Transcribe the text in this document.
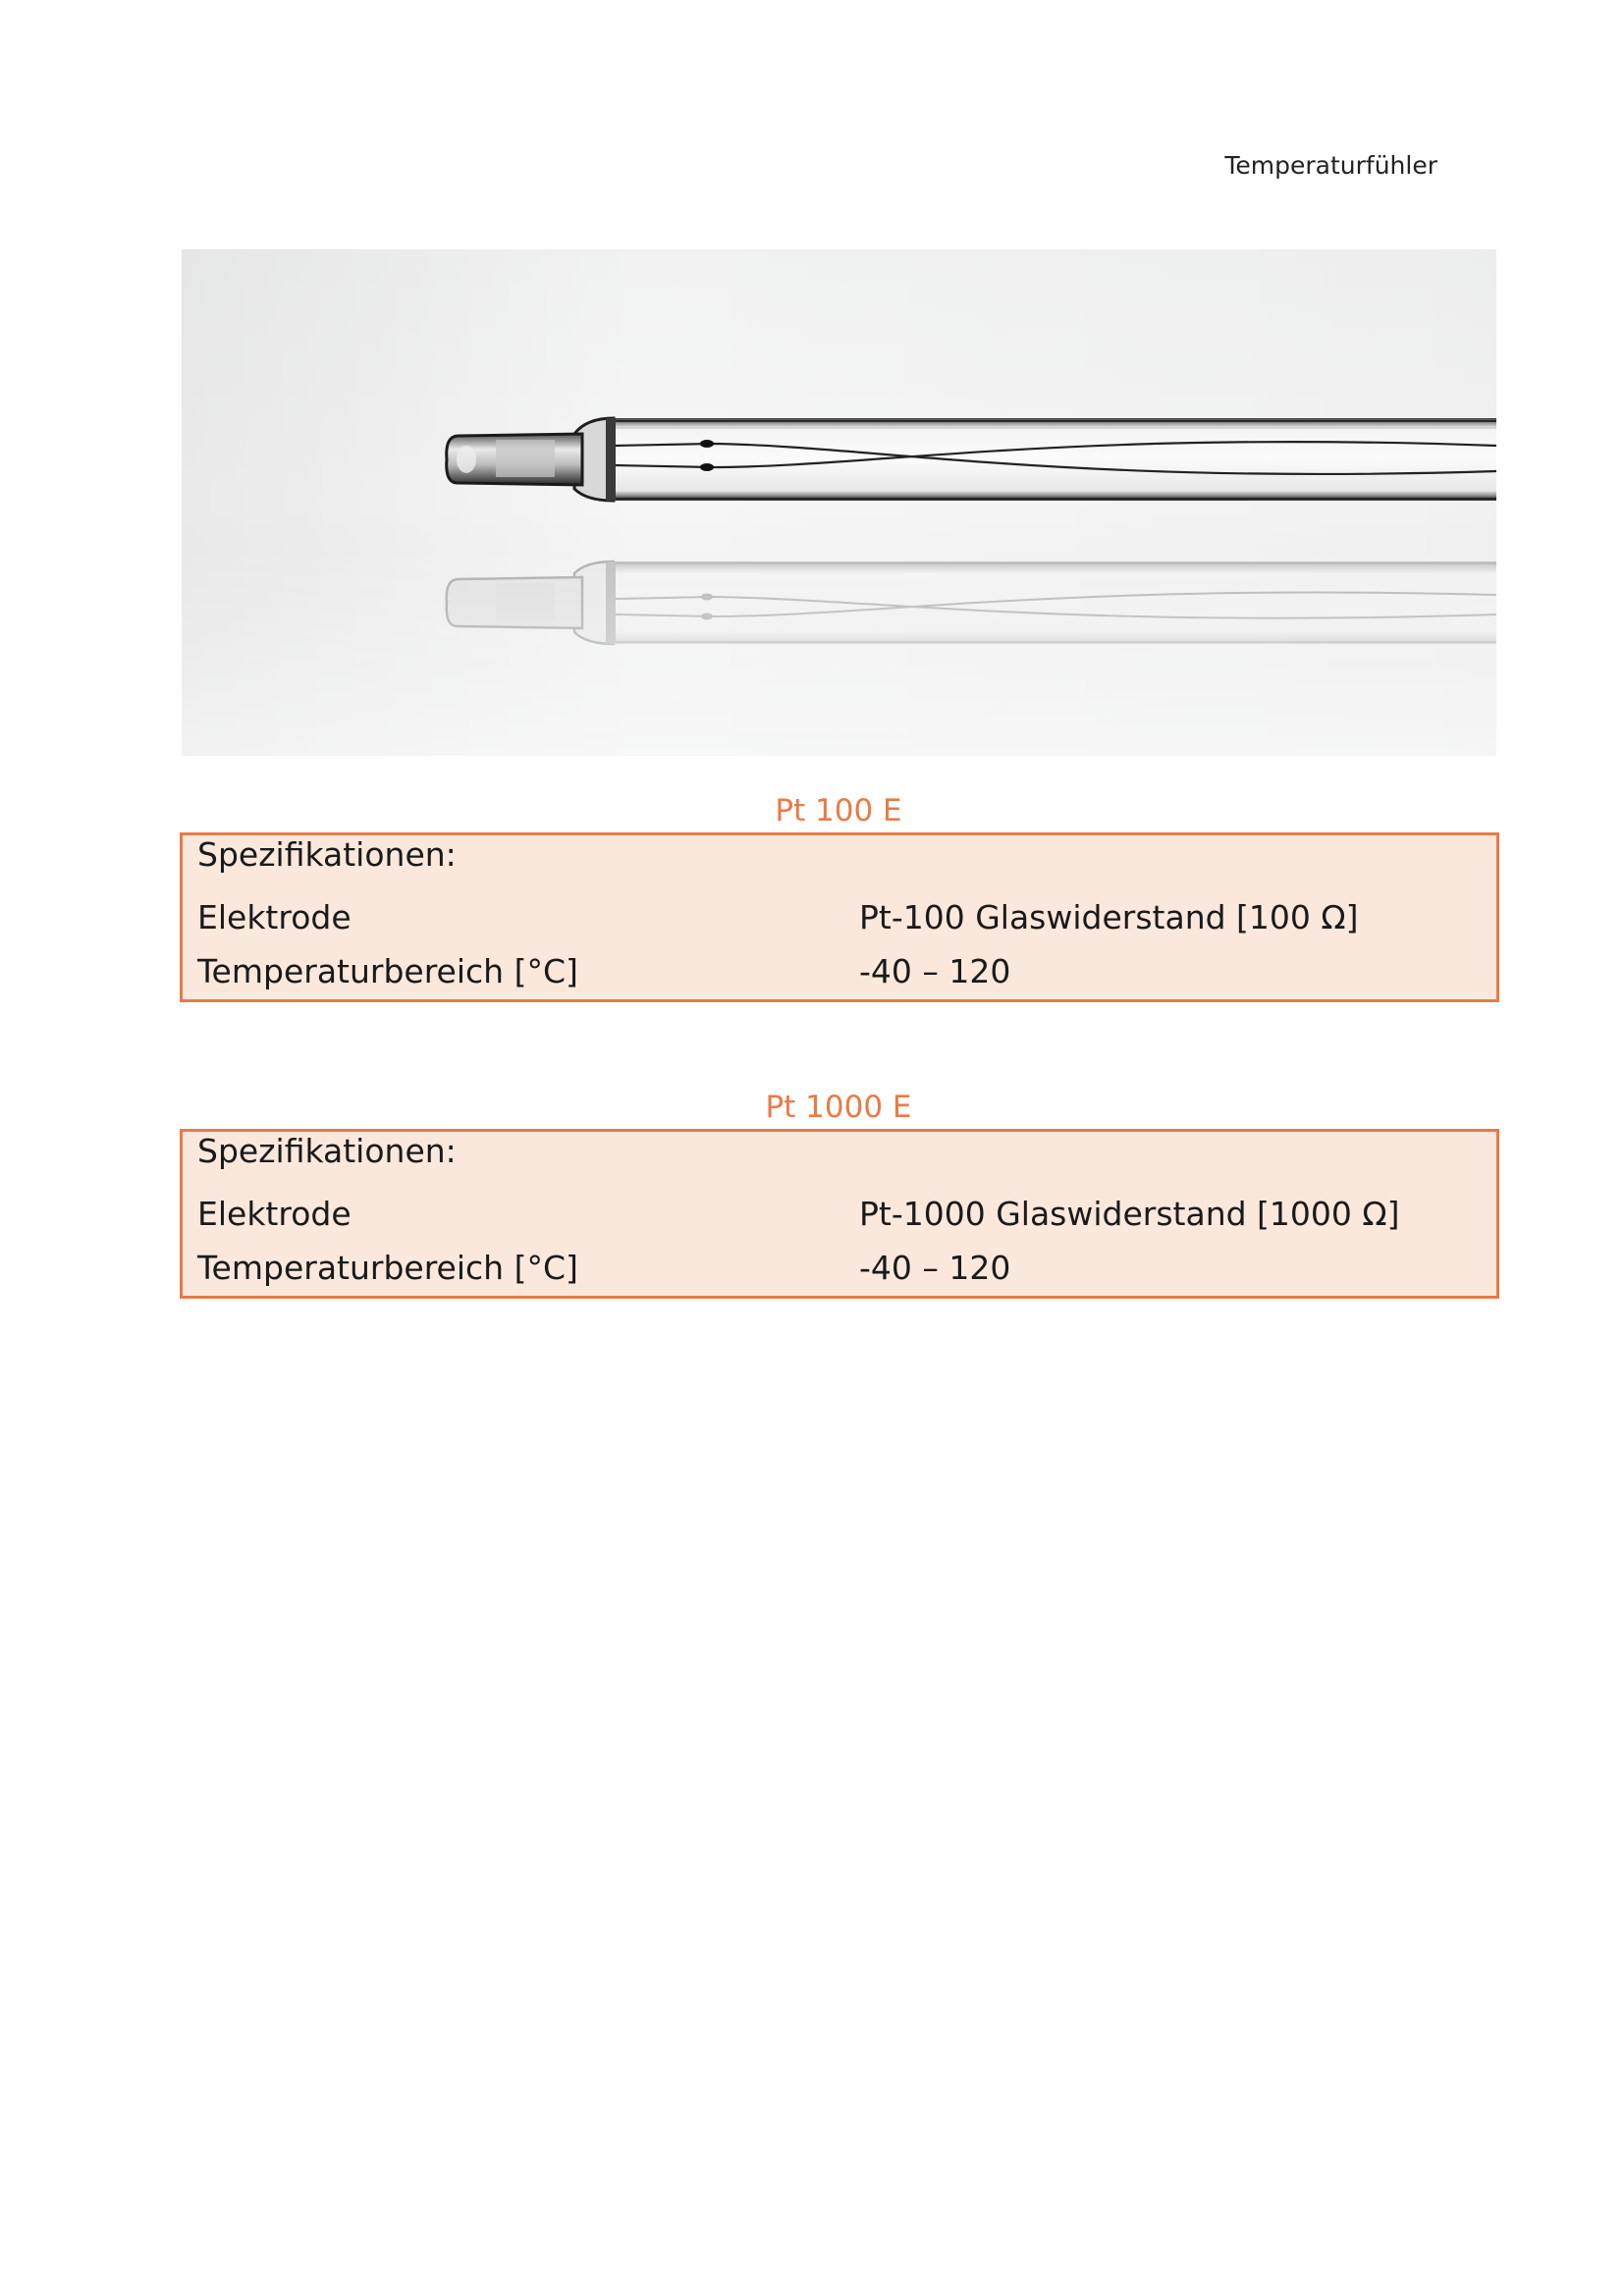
Temperaturfühler
Pt 100 E
Spezifikationen:
Elektrode	Pt-100 Glaswiderstand [100 Ω]
Temperaturbereich [°C]	-40 – 120
Pt 1000 E
Spezifikationen:
Elektrode	Pt-1000 Glaswiderstand [1000 Ω]
Temperaturbereich [°C]	-40 – 120
